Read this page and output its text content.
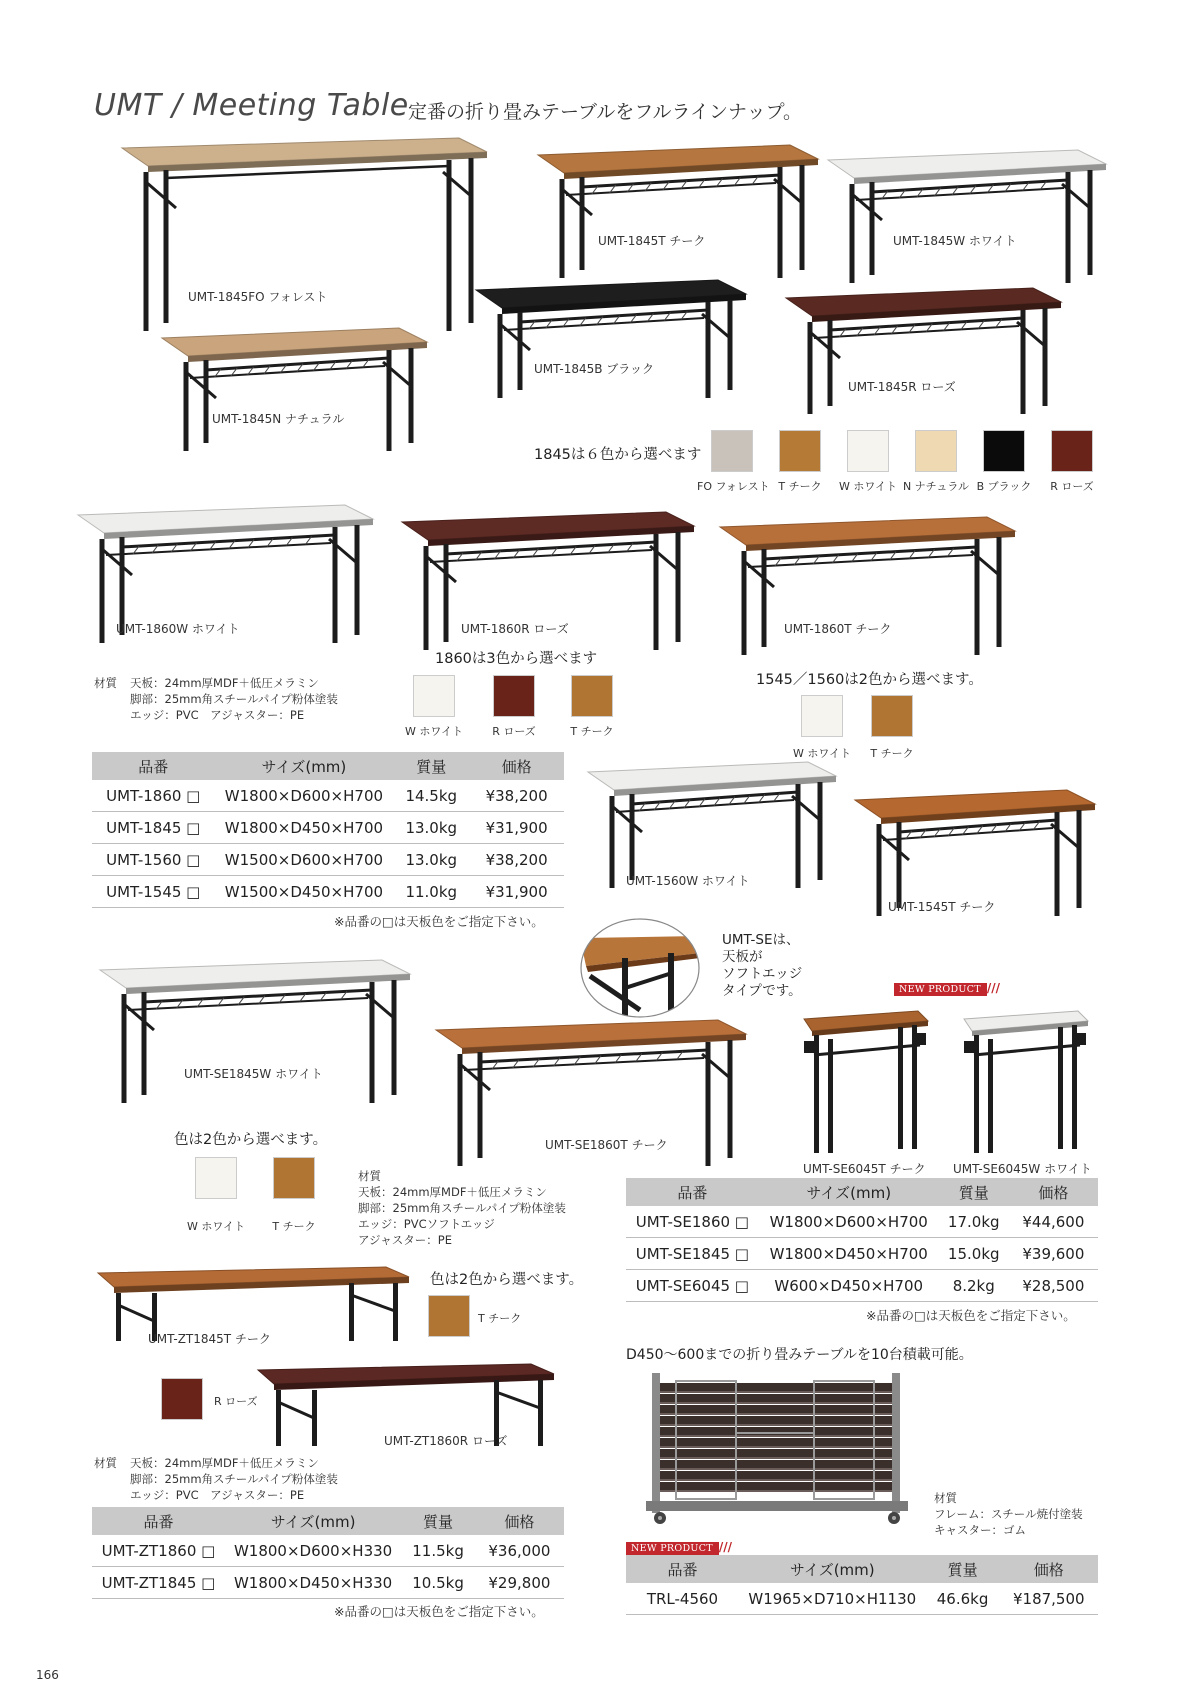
UMT / Meeting Table 定番の折り畳みテーブルをフルラインナップ。
UMT-1845FO フォレスト
UMT-1845T チーク	UMT-1845W ホワイト
UMT-1845N ナチュラル
UMT-1845B ブラック
UMT-1845R ローズ
UMT-1860W ホワイト	UMT-1860R ローズ	UMT-1860T チーク
UMT-1560W ホワイト
UMT-1545T チーク
UMT-SE1845W ホワイト
UMT-SE1860T チーク
UMT-SE6045T チーク UMT-SE6045W ホワイト
UMT-ZT1845T チーク
UMT-ZT1860R ローズ
1845は６色から選べます
FO フォレスト T チーク	W ホワイト N ナチュラル B ブラック	R ローズ
1860は3色から選べます
W ホワイト	R ローズ	T チーク
1545／1560は2色から選べます。
W ホワイト	T チーク
材質 天板：24mm厚MDF＋低圧メラミン
脚部：25mm角スチールパイプ粉体塗装
エッジ：PVC　アジャスター：PE
品番	サイズ(mm)	質量	価格
UMT-1860 □	W1800×D600×H700	14.5kg	¥38,200
UMT-1845 □	W1800×D450×H700	13.0kg	¥31,900
UMT-1560 □	W1500×D600×H700	13.0kg	¥38,200
UMT-1545 □	W1500×D450×H700	11.0kg	¥31,900
※品番の□は天板色をご指定下さい。
UMT-SEは、
天板が
ソフトエッジ
タイプです。	NEW PRODUCT ///
色は2色から選べます。
W ホワイト	T チーク
材質
天板：24mm厚MDF＋低圧メラミン
脚部：25mm角スチールパイプ粉体塗装
エッジ：PVCソフトエッジ
アジャスター：PE
品番	サイズ(mm)	質量	価格
UMT-SE1860 □	W1800×D600×H700	17.0kg	¥44,600
UMT-SE1845 □	W1800×D450×H700	15.0kg	¥39,600
UMT-SE6045 □	W600×D450×H700	8.2kg	¥28,500
※品番の□は天板色をご指定下さい。
色は2色から選べます。
T チーク
R ローズ
材質 天板：24mm厚MDF＋低圧メラミン
脚部：25mm角スチールパイプ粉体塗装
エッジ：PVC　アジャスター：PE
品番	サイズ(mm)	質量	価格
UMT-ZT1860 □	W1800×D600×H330	11.5kg	¥36,000
UMT-ZT1845 □	W1800×D450×H330	10.5kg	¥29,800
※品番の□は天板色をご指定下さい。
D450～600までの折り畳みテーブルを10台積載可能。
材質
フレーム：スチール焼付塗装
キャスター：ゴム
NEW PRODUCT ///
品番	サイズ(mm)	質量	価格
TRL-4560	W1965×D710×H1130	46.6kg	¥187,500
166
